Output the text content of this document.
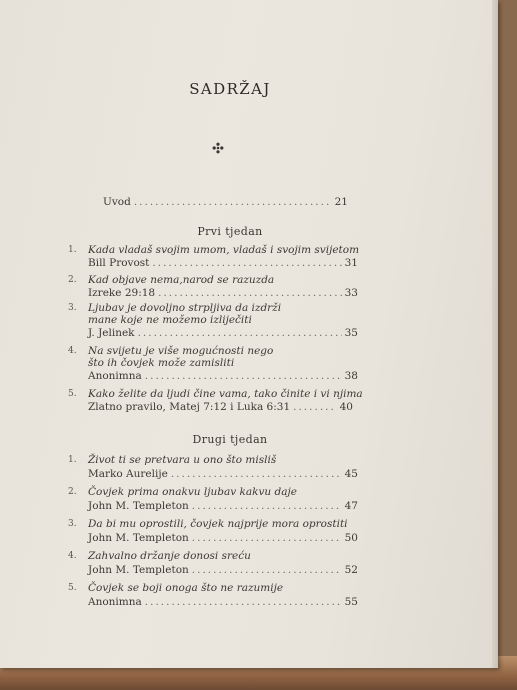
SADRŽAJ
Uvod .....	21
Prvi tjedan
1. Kada vladaš svojim umom, vladaš i svojim svijetom
Bill Provost .....	31
2. Kad objave nema,narod se razuzda
Izreke 29:18 .....	33
3. Ljubav je dovoljno strpljiva da izdrži
mane koje ne možemo izliječiti
J. Jelinek .....	35
4. Na svijetu je više mogućnosti nego
što ih čovjek može zamisliti
Anonimna .....	38
5. Kako želite da ljudi čine vama, tako činite i vi njima
Zlatno pravilo, Matej 7:12 i Luka 6:31 .....	40
Drugi tjedan
1. Život ti se pretvara u ono što misliš
Marko Aurelije .....	45
2. Čovjek prima onakvu ljubav kakvu daje
John M. Templeton .....	47
3. Da bi mu oprostili, čovjek najprije mora oprostiti
John M. Templeton .....	50
4. Zahvalno držanje donosi sreću
John M. Templeton .....	52
5. Čovjek se boji onoga što ne razumije
Anonimna .....	55
